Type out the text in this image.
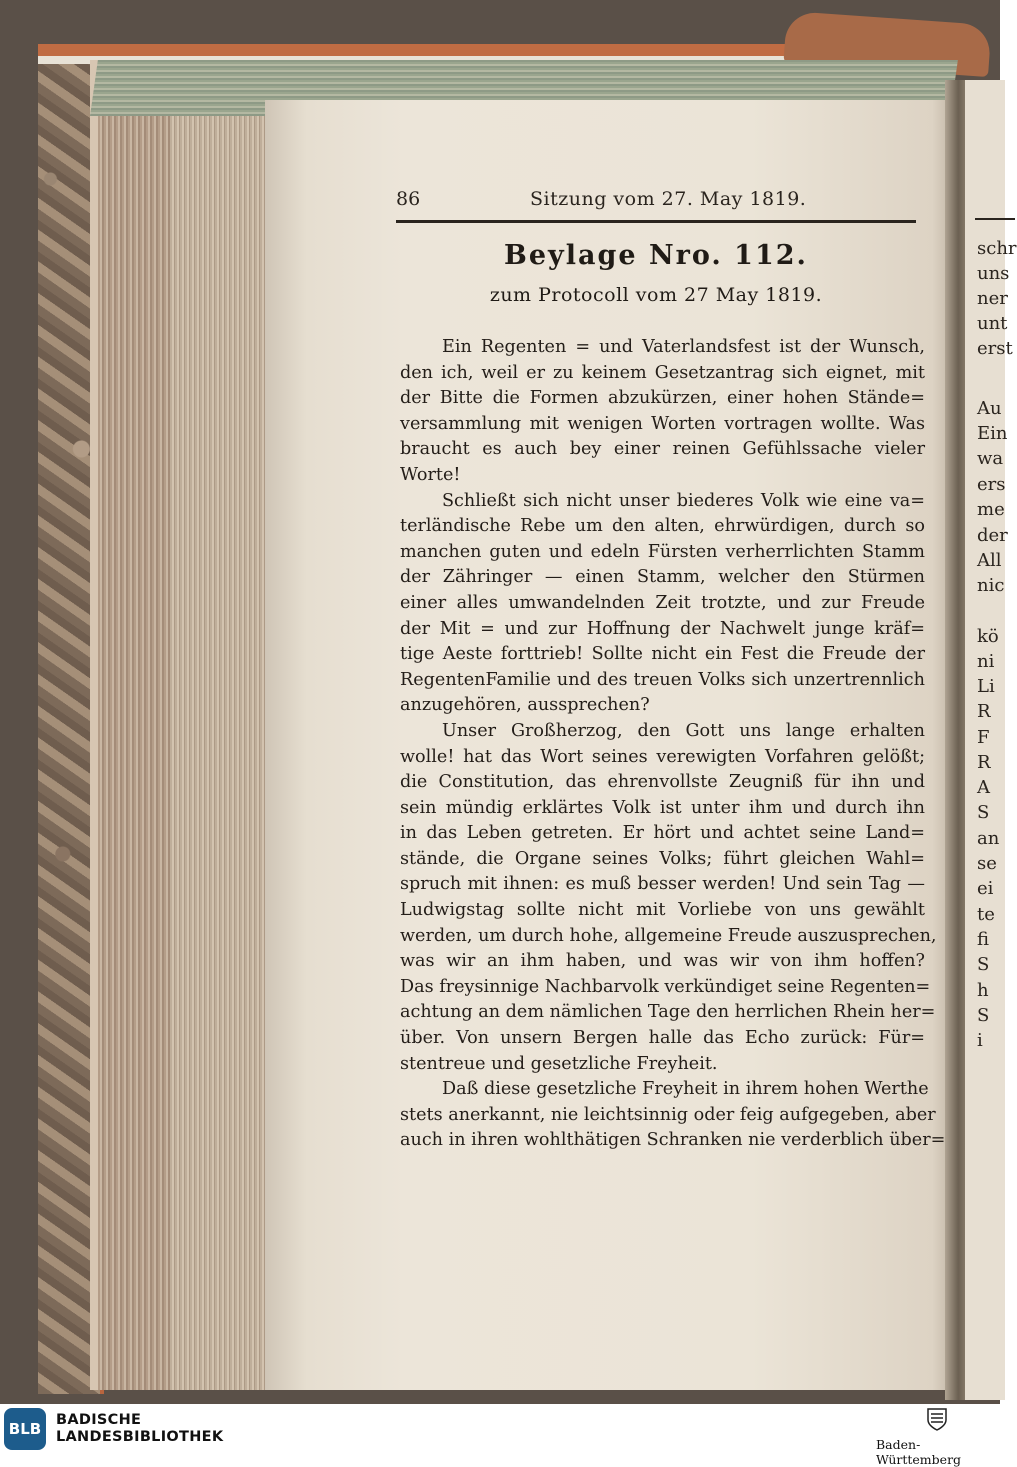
schr
uns
ner
unt
erst
Au
Ein
wa
ers
me
der
All
nic
kö
ni
Li
R
F
R
A
S
an
se
ei
te
fi
S
h
S
i
86	Sitzung vom 27. May 1819.
Beylage Nro. 112.
zum Protocoll vom 27 May 1819.
Ein Regenten = und Vaterlandsfest ist der Wunsch,
den ich, weil er zu keinem Gesetzantrag sich eignet, mit
der Bitte die Formen abzukürzen, einer hohen Stände=
versammlung mit wenigen Worten vortragen wollte. Was
braucht es auch bey einer reinen Gefühlssache vieler
Worte!
Schließt sich nicht unser biederes Volk wie eine va=
terländische Rebe um den alten, ehrwürdigen, durch so
manchen guten und edeln Fürsten verherrlichten Stamm
der Zähringer — einen Stamm, welcher den Stürmen
einer alles umwandelnden Zeit trotzte, und zur Freude
der Mit = und zur Hoffnung der Nachwelt junge kräf=
tige Aeste forttrieb! Sollte nicht ein Fest die Freude der
RegentenFamilie und des treuen Volks sich unzertrennlich
anzugehören, aussprechen?
Unser Großherzog, den Gott uns lange erhalten
wolle! hat das Wort seines verewigten Vorfahren gelößt;
die Constitution, das ehrenvollste Zeugniß für ihn und
sein mündig erklärtes Volk ist unter ihm und durch ihn
in das Leben getreten. Er hört und achtet seine Land=
stände, die Organe seines Volks; führt gleichen Wahl=
spruch mit ihnen: es muß besser werden! Und sein Tag —
Ludwigstag sollte nicht mit Vorliebe von uns gewählt
werden, um durch hohe, allgemeine Freude auszusprechen,
was wir an ihm haben, und was wir von ihm hoffen?
Das freysinnige Nachbarvolk verkündiget seine Regenten=
achtung an dem nämlichen Tage den herrlichen Rhein her=
über. Von unsern Bergen halle das Echo zurück: Für=
stentreue und gesetzliche Freyheit.
Daß diese gesetzliche Freyheit in ihrem hohen Werthe
stets anerkannt, nie leichtsinnig oder feig aufgegeben, aber
auch in ihren wohlthätigen Schranken nie verderblich über=
BLB	BADISCHE
LANDESBIBLIOTHEK	Baden-Württemberg
